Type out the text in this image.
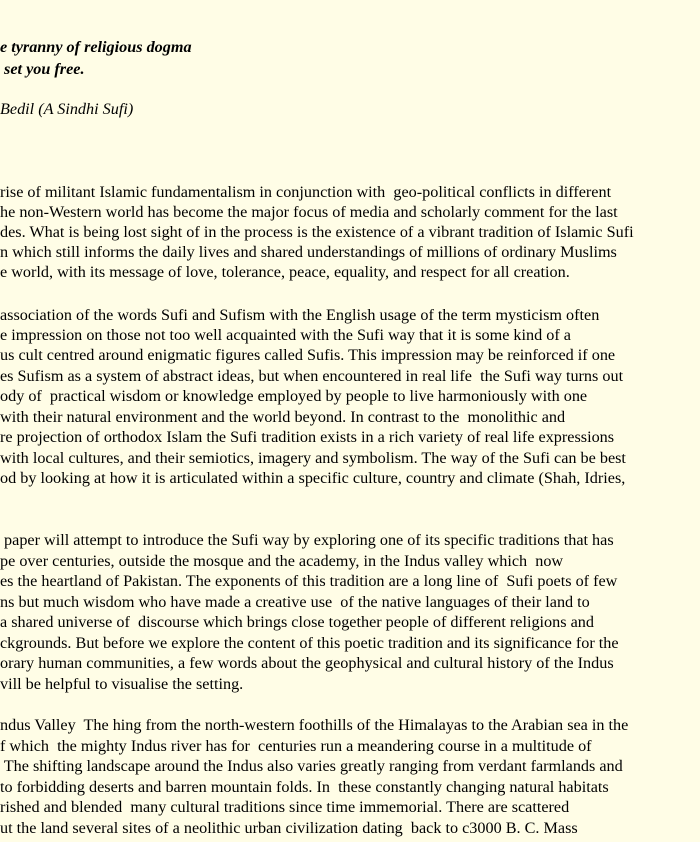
e tyranny of religious dogma

set you free.

Bedil (A Sindhi Sufi)

rise of militant Islamic fundamentalism in conjunction with  geo-political conflicts in different

he non-Western world has become the major focus of media and scholarly comment for the last

des. What is being lost sight of in the process is the existence of a vibrant tradition of Islamic Sufi

n which still informs the daily lives and shared understandings of millions of ordinary Muslims

e world, with its message of love, tolerance, peace, equality, and respect for all creation.

association of the words Sufi and Sufism with the English usage of the term mysticism often

e impression on those not too well acquainted with the Sufi way that it is some kind of a

us cult centred around enigmatic figures called Sufis. This impression may be reinforced if one

es Sufism as a system of abstract ideas, but when encountered in real life  the Sufi way turns out

ody of  practical wisdom or knowledge employed by people to live harmoniously with one

with their natural environment and the world beyond. In contrast to the  monolithic and

re projection of orthodox Islam the Sufi tradition exists in a rich variety of real life expressions

with local cultures, and their semiotics, imagery and symbolism. The way of the Sufi can be best

od by looking at how it is articulated within a specific culture, country and climate (Shah, Idries,

paper will attempt to introduce the Sufi way by exploring one of its specific traditions that has

pe over centuries, outside the mosque and the academy, in the Indus valley which  now

es the heartland of Pakistan. The exponents of this tradition are a long line of  Sufi poets of few

ns but much wisdom who have made a creative use  of the native languages of their land to

a shared universe of  discourse which brings close together people of different religions and

ckgrounds. But before we explore the content of this poetic tradition and its significance for the

orary human communities, a few words about the geophysical and cultural history of the Indus

vill be helpful to visualise the setting.

ndus Valley  The hing from the north-western foothills of the Himalayas to the Arabian sea in the

f which  the mighty Indus river has for  centuries run a meandering course in a multitude of

The shifting landscape around the Indus also varies greatly ranging from verdant farmlands and

to forbidding deserts and barren mountain folds. In  these constantly changing natural habitats

rished and blended  many cultural traditions since time immemorial. There are scattered

ut the land several sites of a neolithic urban civilization dating  back to c3000 B. C. Mass
